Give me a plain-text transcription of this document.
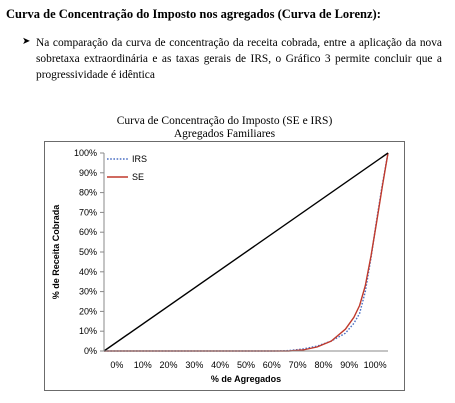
Curva de Concentração do Imposto nos agregados (Curva de Lorenz):
➤ Na comparação da curva de concentração da receita cobrada, entre a aplicação da nova sobretaxa extraordinária e as taxas gerais de IRS, o Gráfico 3 permite concluir que a progressividade é idêntica
Curva de Concentração do Imposto (SE e IRS)
Agregados Familiares
0%
10%
20%
30%
40%
50%
60%
70%
80%
90%
100%
0% 10% 20% 30% 40% 50% 60% 70% 80% 90% 100%
% de Agregados
% de Receita Cobrada
IRS
SE
